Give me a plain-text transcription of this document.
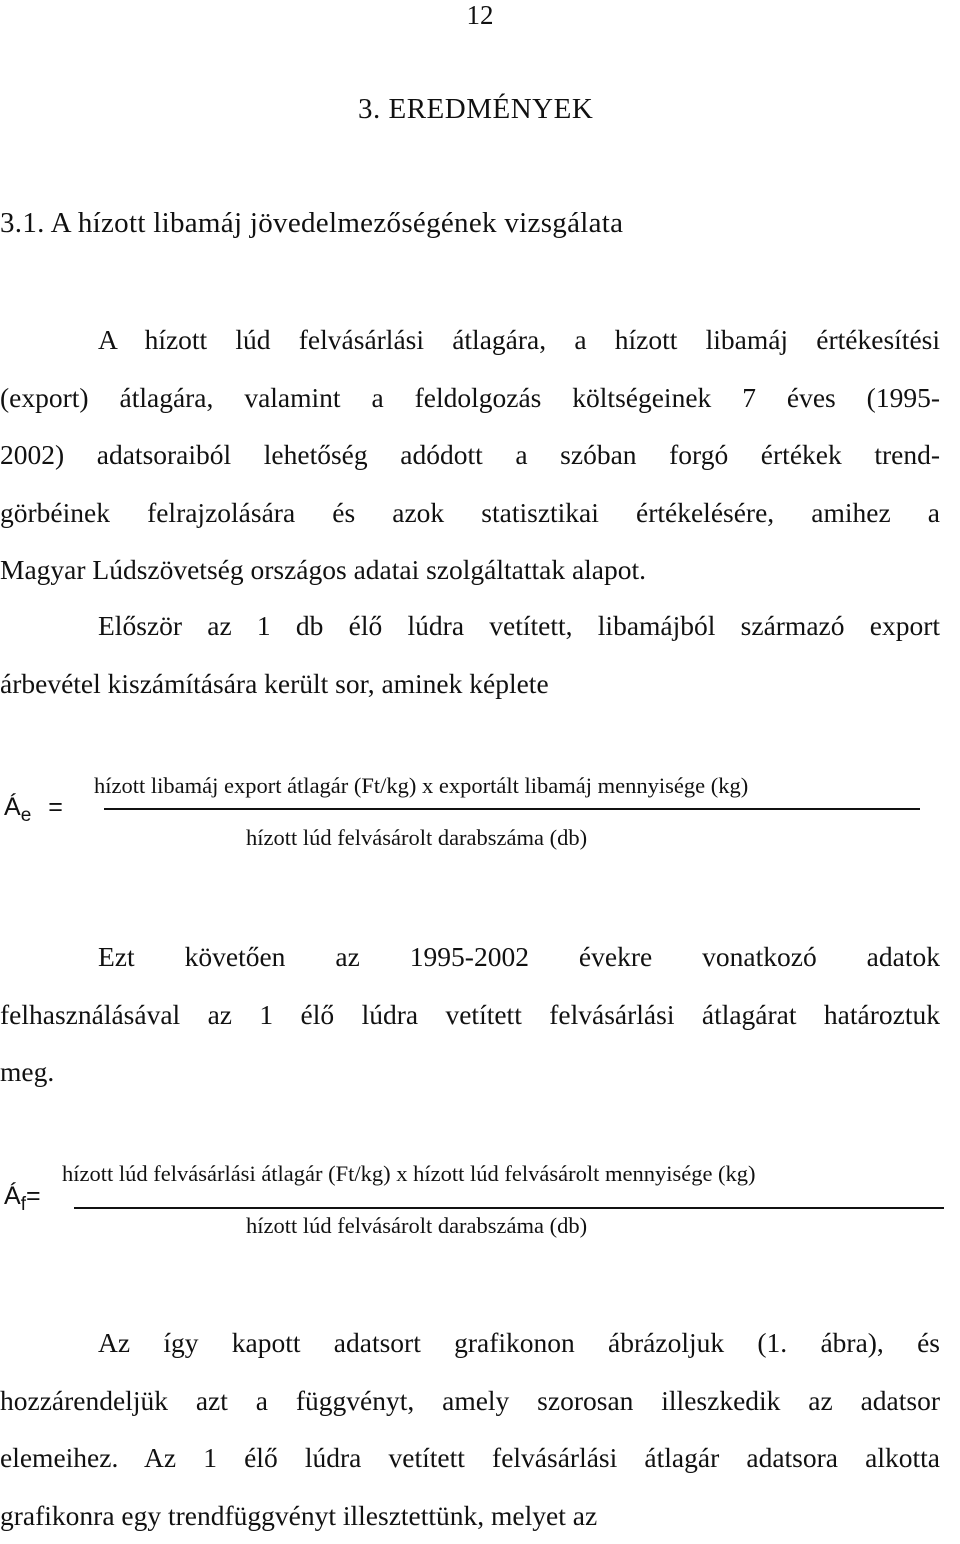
12
3. EREDMÉNYEK
3.1. A hízott libamáj jövedelmezőségének vizsgálata
A hízott lúd felvásárlási átlagára, a hízott libamáj értékesítési
(export) átlagára, valamint a feldolgozás költségeinek 7 éves (1995-
2002) adatsoraiból lehetőség adódott a szóban forgó értékek trend-
görbéinek felrajzolására és azok statisztikai értékelésére, amihez a
Magyar Lúdszövetség országos adatai szolgáltattak alapot.
Először az 1 db élő lúdra vetített, libamájból származó export
árbevétel kiszámítására került sor, aminek képlete
$Á_e$ =
hízott libamáj export átlagár (Ft/kg) x exportált libamáj mennyisége (kg)
hízott lúd felvásárolt darabszáma (db)
Ezt követően az 1995-2002 évekre vonatkozó adatok
felhasználásával az 1 élő lúdra vetített felvásárlási átlagárat határoztuk
meg.
$Á_f=$
hízott lúd felvásárlási átlagár (Ft/kg) x hízott lúd felvásárolt mennyisége (kg)
hízott lúd felvásárolt darabszáma (db)
Az így kapott adatsort grafikonon ábrázoljuk (1. ábra), és
hozzárendeljük azt a függvényt, amely szorosan illeszkedik az adatsor
elemeihez. Az 1 élő lúdra vetített felvásárlási átlagár adatsora alkotta
grafikonra egy trendfüggvényt illesztettünk, melyet az
